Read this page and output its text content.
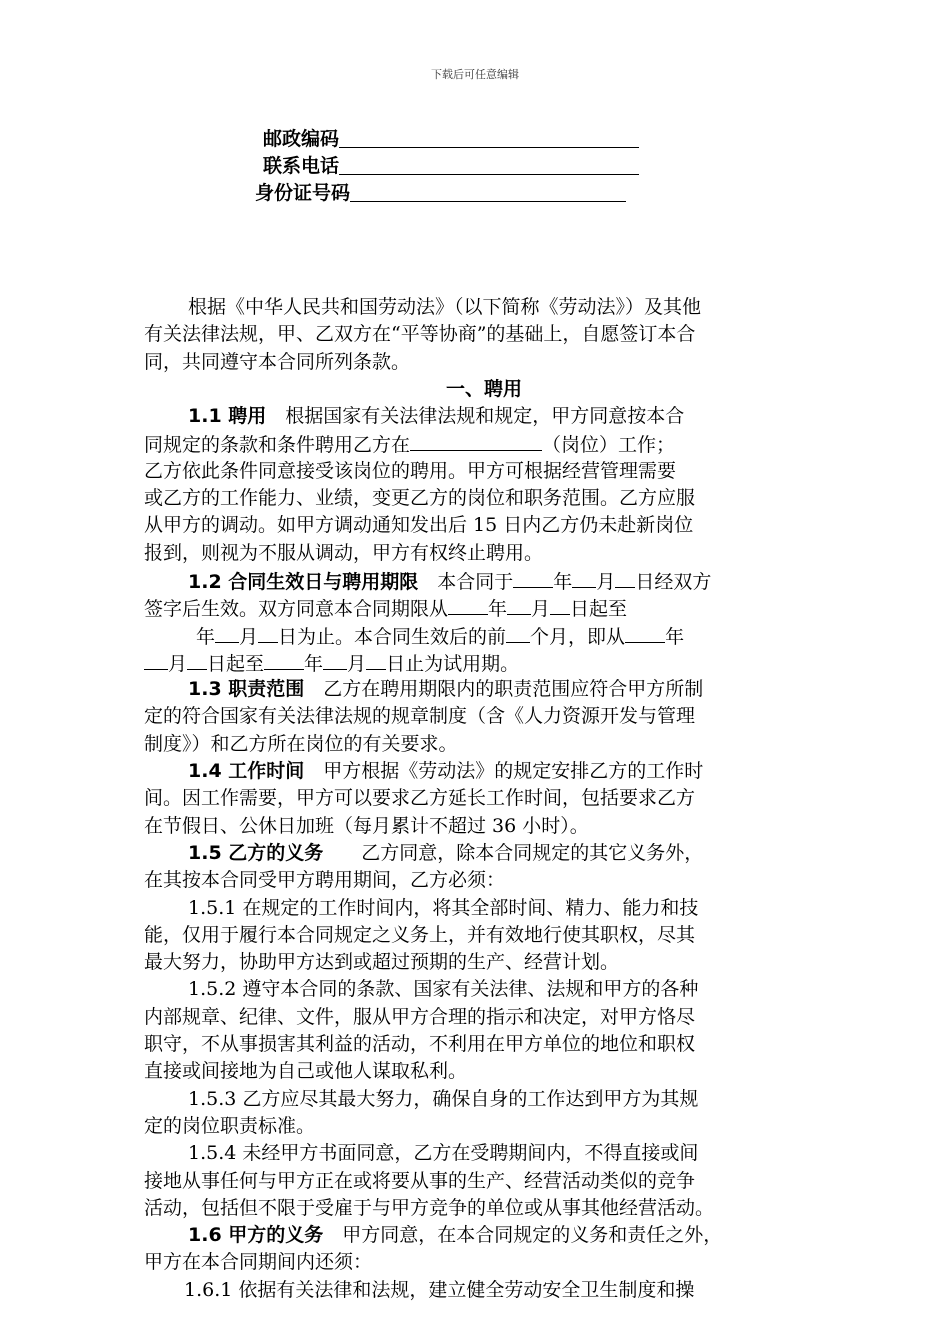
下载后可任意编辑
邮政编码
联系电话
身份证号码
根据《中华人民共和国劳动法》（以下简称《劳动法》）及其他
有关法律法规，甲、乙双方在“平等协商”的基础上，自愿签订本合
同，共同遵守本合同所列条款。
一、聘用
1.1 聘用  根据国家有关法律法规和规定，甲方同意按本合
同规定的条款和条件聘用乙方在	（岗位）工作；
乙方依此条件同意接受该岗位的聘用。甲方可根据经营管理需要
或乙方的工作能力、业绩，变更乙方的岗位和职务范围。乙方应服
从甲方的调动。如甲方调动通知发出后 15 日内乙方仍未赴新岗位
报到，则视为不服从调动，甲方有权终止聘用。
1.2 合同生效日与聘用期限  本合同于 年 月 日经双方
签字后生效。双方同意本合同期限从 年 月 日起至
年 月 日为止。本合同生效后的前 个月，即从 年
月 日起至 年 月 日止为试用期。
1.3 职责范围  乙方在聘用期限内的职责范围应符合甲方所制
定的符合国家有关法律法规的规章制度（含《人力资源开发与管理
制度》）和乙方所在岗位的有关要求。
1.4 工作时间  甲方根据《劳动法》的规定安排乙方的工作时
间。因工作需要，甲方可以要求乙方延长工作时间，包括要求乙方
在节假日、公休日加班（每月累计不超过 36 小时）。
1.5 乙方的义务   乙方同意，除本合同规定的其它义务外，
在其按本合同受甲方聘用期间，乙方必须：
1.5.1 在规定的工作时间内，将其全部时间、精力、能力和技
能，仅用于履行本合同规定之义务上，并有效地行使其职权，尽其
最大努力，协助甲方达到或超过预期的生产、经营计划。
1.5.2 遵守本合同的条款、国家有关法律、法规和甲方的各种
内部规章、纪律、文件，服从甲方合理的指示和决定，对甲方恪尽
职守，不从事损害其利益的活动，不利用在甲方单位的地位和职权
直接或间接地为自己或他人谋取私利。
1.5.3 乙方应尽其最大努力，确保自身的工作达到甲方为其规
定的岗位职责标准。
1.5.4 未经甲方书面同意，乙方在受聘期间内，不得直接或间
接地从事任何与甲方正在或将要从事的生产、经营活动类似的竞争
活动，包括但不限于受雇于与甲方竞争的单位或从事其他经营活动。
1.6 甲方的义务  甲方同意，在本合同规定的义务和责任之外，
甲方在本合同期间内还须：
1.6.1 依据有关法律和法规，建立健全劳动安全卫生制度和操
